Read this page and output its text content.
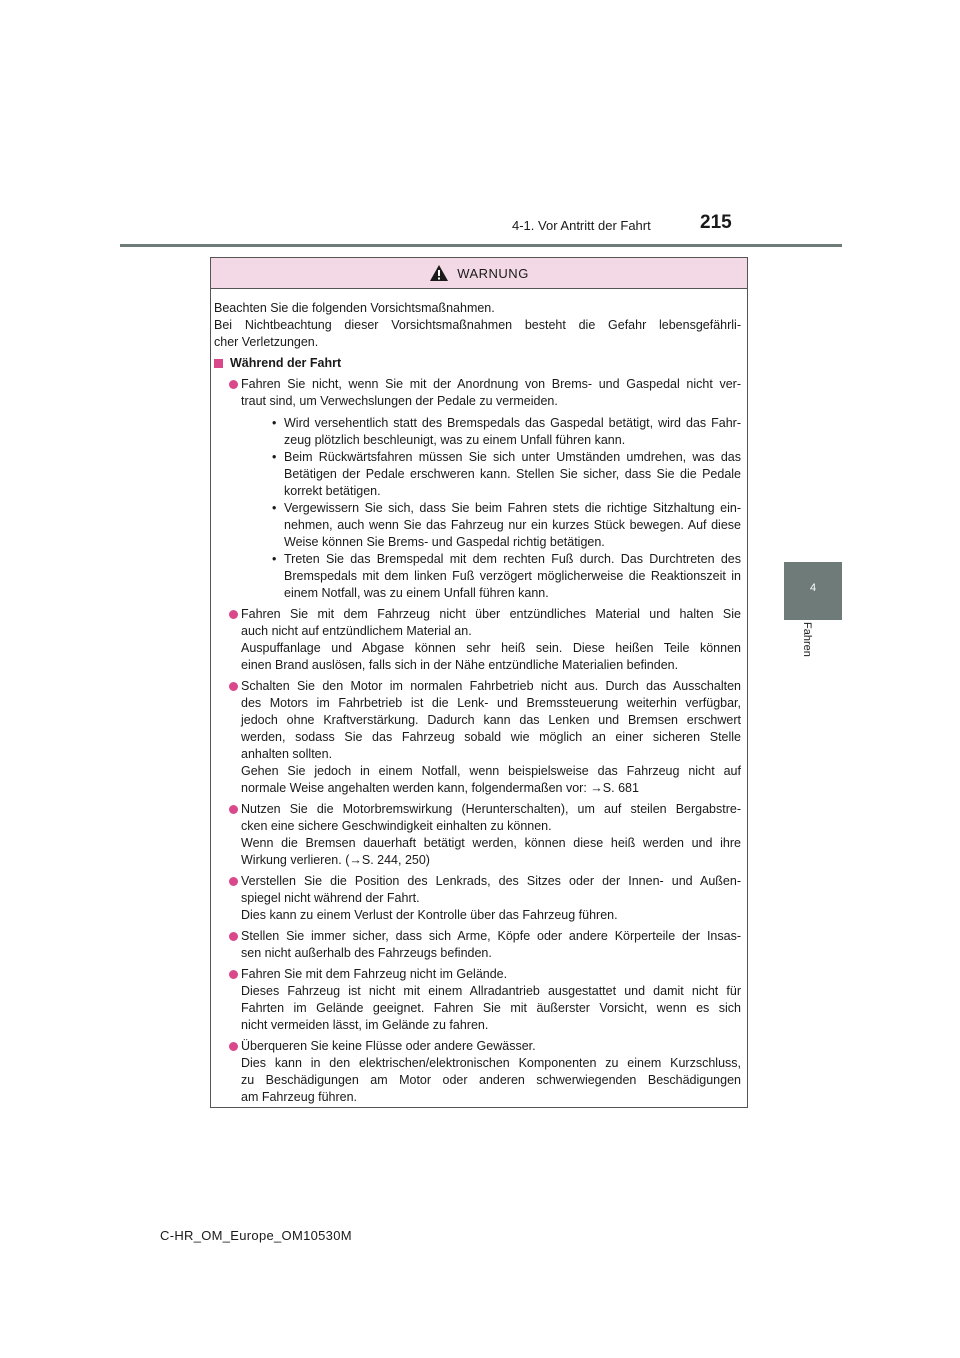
4-1. Vor Antritt der Fahrt	215
4
Fahren
WARNUNG

Beachten Sie die folgenden Vorsichtsmaßnahmen.

Bei Nichtbeachtung dieser Vorsichtsmaßnahmen besteht die Gefahr lebensgefährli-

cher Verletzungen.

Während der Fahrt

Fahren Sie nicht, wenn Sie mit der Anordnung von Brems- und Gaspedal nicht ver-

traut sind, um Verwechslungen der Pedale zu vermeiden.

• Wird versehentlich statt des Bremspedals das Gaspedal betätigt, wird das Fahr-

zeug plötzlich beschleunigt, was zu einem Unfall führen kann.

• Beim Rückwärtsfahren müssen Sie sich unter Umständen umdrehen, was das

Betätigen der Pedale erschweren kann. Stellen Sie sicher, dass Sie die Pedale

korrekt betätigen.

• Vergewissern Sie sich, dass Sie beim Fahren stets die richtige Sitzhaltung ein-

nehmen, auch wenn Sie das Fahrzeug nur ein kurzes Stück bewegen. Auf diese

Weise können Sie Brems- und Gaspedal richtig betätigen.

• Treten Sie das Bremspedal mit dem rechten Fuß durch. Das Durchtreten des

Bremspedals mit dem linken Fuß verzögert möglicherweise die Reaktionszeit in

einem Notfall, was zu einem Unfall führen kann.

Fahren Sie mit dem Fahrzeug nicht über entzündliches Material und halten Sie

auch nicht auf entzündlichem Material an.

Auspuffanlage und Abgase können sehr heiß sein. Diese heißen Teile können

einen Brand auslösen, falls sich in der Nähe entzündliche Materialien befinden.

Schalten Sie den Motor im normalen Fahrbetrieb nicht aus. Durch das Ausschalten

des Motors im Fahrbetrieb ist die Lenk- und Bremssteuerung weiterhin verfügbar,

jedoch ohne Kraftverstärkung. Dadurch kann das Lenken und Bremsen erschwert

werden, sodass Sie das Fahrzeug sobald wie möglich an einer sicheren Stelle

anhalten sollten.

Gehen Sie jedoch in einem Notfall, wenn beispielsweise das Fahrzeug nicht auf

normale Weise angehalten werden kann, folgendermaßen vor: →S. 681

Nutzen Sie die Motorbremswirkung (Herunterschalten), um auf steilen Bergabstre-

cken eine sichere Geschwindigkeit einhalten zu können.

Wenn die Bremsen dauerhaft betätigt werden, können diese heiß werden und ihre

Wirkung verlieren. (→S. 244, 250)

Verstellen Sie die Position des Lenkrads, des Sitzes oder der Innen- und Außen-

spiegel nicht während der Fahrt.

Dies kann zu einem Verlust der Kontrolle über das Fahrzeug führen.

Stellen Sie immer sicher, dass sich Arme, Köpfe oder andere Körperteile der Insas-

sen nicht außerhalb des Fahrzeugs befinden.

Fahren Sie mit dem Fahrzeug nicht im Gelände.

Dieses Fahrzeug ist nicht mit einem Allradantrieb ausgestattet und damit nicht für

Fahrten im Gelände geeignet. Fahren Sie mit äußerster Vorsicht, wenn es sich

nicht vermeiden lässt, im Gelände zu fahren.

Überqueren Sie keine Flüsse oder andere Gewässer.

Dies kann in den elektrischen/elektronischen Komponenten zu einem Kurzschluss,

zu Beschädigungen am Motor oder anderen schwerwiegenden Beschädigungen

am Fahrzeug führen.

C-HR_OM_Europe_OM10530M
